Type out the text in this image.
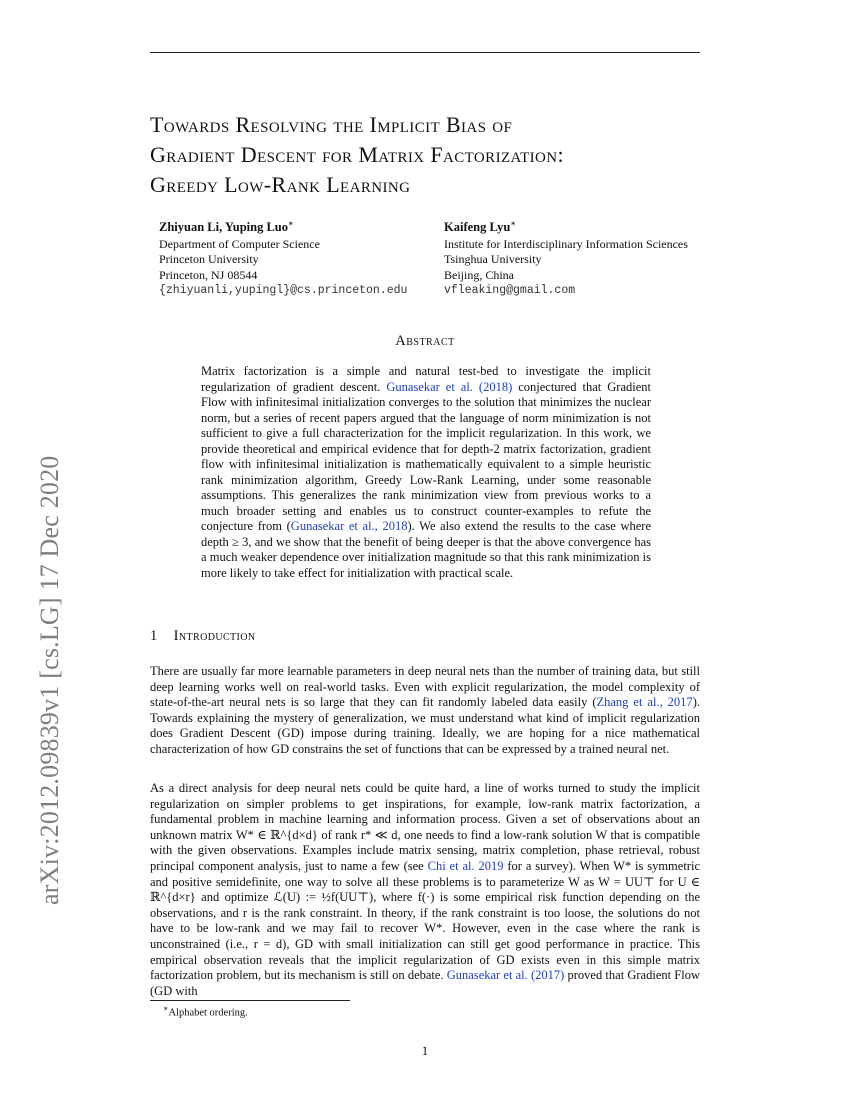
arXiv:2012.09839v1 [cs.LG] 17 Dec 2020
Towards Resolving the Implicit Bias of
Gradient Descent for Matrix Factorization:
Greedy Low-Rank Learning
Zhiyuan Li, Yuping Luo∗
Department of Computer Science
Princeton University
Princeton, NJ 08544
{zhiyuanli,yupingl}@cs.princeton.edu
Kaifeng Lyu∗
Institute for Interdisciplinary Information Sciences
Tsinghua University
Beijing, China
vfleaking@gmail.com
Abstract
Matrix factorization is a simple and natural test-bed to investigate the implicit regularization of gradient descent. Gunasekar et al. (2018) conjectured that Gradient Flow with infinitesimal initialization converges to the solution that minimizes the nuclear norm, but a series of recent papers argued that the language of norm minimization is not sufficient to give a full characterization for the implicit regularization. In this work, we provide theoretical and empirical evidence that for depth-2 matrix factorization, gradient flow with infinitesimal initialization is mathematically equivalent to a simple heuristic rank minimization algorithm, Greedy Low-Rank Learning, under some reasonable assumptions. This generalizes the rank minimization view from previous works to a much broader setting and enables us to construct counter-examples to refute the conjecture from (Gunasekar et al., 2018). We also extend the results to the case where depth ≥ 3, and we show that the benefit of being deeper is that the above convergence has a much weaker dependence over initialization magnitude so that this rank minimization is more likely to take effect for initialization with practical scale.
1 Introduction
There are usually far more learnable parameters in deep neural nets than the number of training data, but still deep learning works well on real-world tasks. Even with explicit regularization, the model complexity of state-of-the-art neural nets is so large that they can fit randomly labeled data easily (Zhang et al., 2017). Towards explaining the mystery of generalization, we must understand what kind of implicit regularization does Gradient Descent (GD) impose during training. Ideally, we are hoping for a nice mathematical characterization of how GD constrains the set of functions that can be expressed by a trained neural net.
As a direct analysis for deep neural nets could be quite hard, a line of works turned to study the implicit regularization on simpler problems to get inspirations, for example, low-rank matrix factorization, a fundamental problem in machine learning and information process. Given a set of observations about an unknown matrix W* ∈ ℝ^{d×d} of rank r* ≪ d, one needs to find a low-rank solution W that is compatible with the given observations. Examples include matrix sensing, matrix completion, phase retrieval, robust principal component analysis, just to name a few (see Chi et al. 2019 for a survey). When W* is symmetric and positive semidefinite, one way to solve all these problems is to parameterize W as W = UU⊤ for U ∈ ℝ^{d×r} and optimize ℒ(U) := ½f(UU⊤), where f(·) is some empirical risk function depending on the observations, and r is the rank constraint. In theory, if the rank constraint is too loose, the solutions do not have to be low-rank and we may fail to recover W*. However, even in the case where the rank is unconstrained (i.e., r = d), GD with small initialization can still get good performance in practice. This empirical observation reveals that the implicit regularization of GD exists even in this simple matrix factorization problem, but its mechanism is still on debate. Gunasekar et al. (2017) proved that Gradient Flow (GD with
∗Alphabet ordering.
1
